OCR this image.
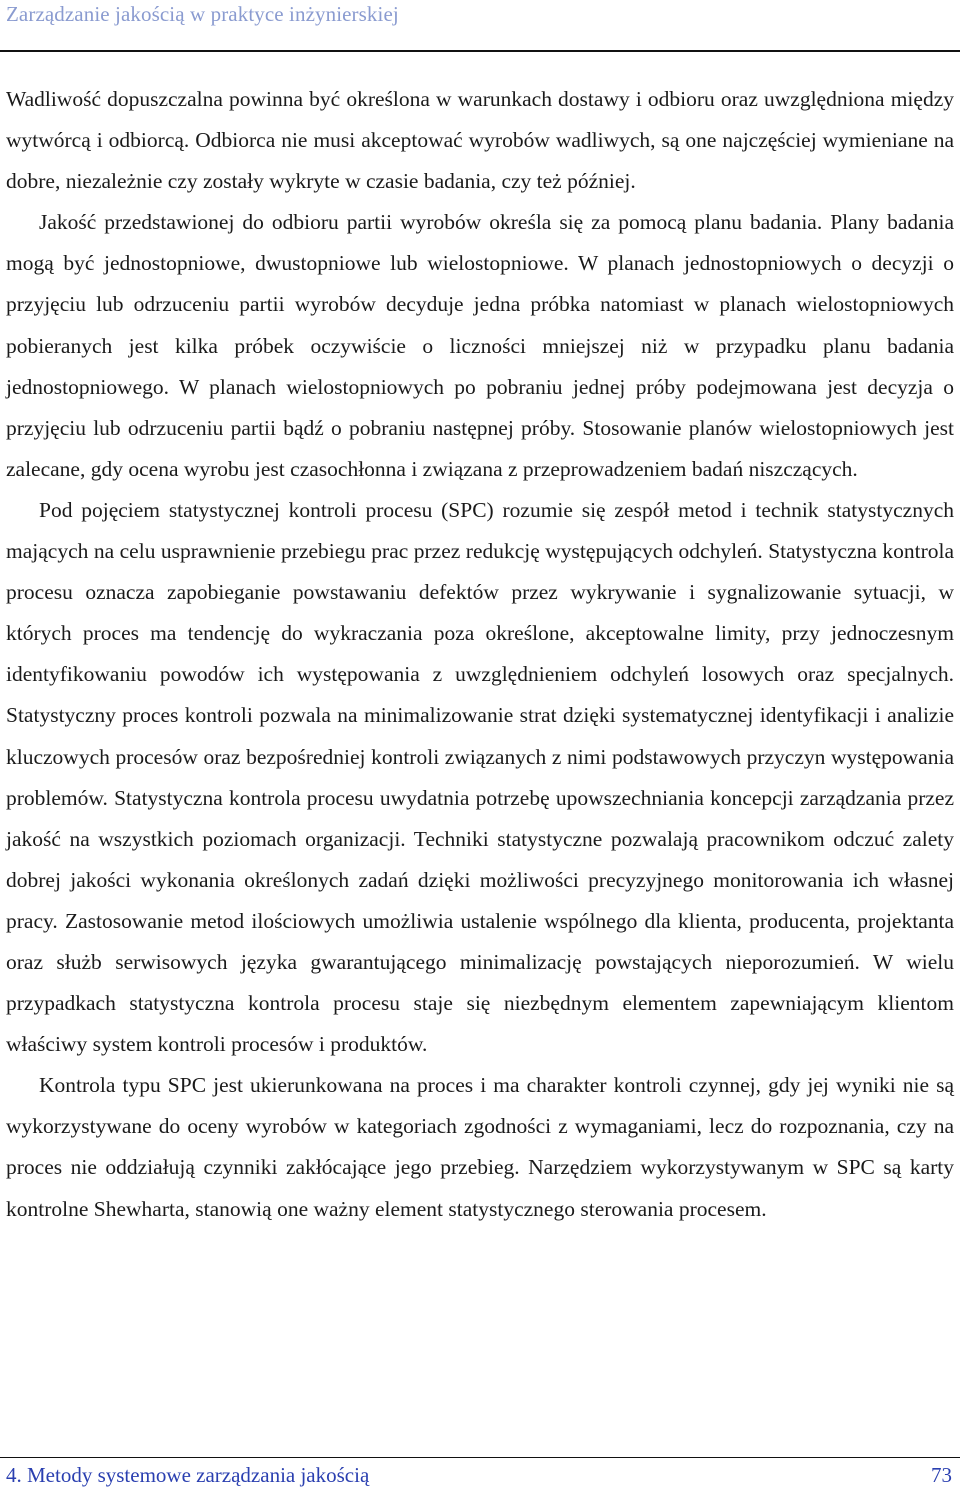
Zarządzanie jakością w praktyce inżynierskiej

Wadliwość dopuszczalna powinna być określona w warunkach dostawy i odbioru oraz uwzględniona między wytwórcą i odbiorcą. Odbiorca nie musi akceptować wyrobów wadliwych, są one najczęściej wymieniane na dobre, niezależnie czy zostały wykryte w czasie badania, czy też później.

Jakość przedstawionej do odbioru partii wyrobów określa się za pomocą planu badania. Plany badania mogą być jednostopniowe, dwustopniowe lub wielostopniowe. W planach jednostopniowych o decyzji o przyjęciu lub odrzuceniu partii wyrobów decyduje jedna próbka natomiast w planach wielostopniowych pobieranych jest kilka próbek oczywiście o liczności mniejszej niż w przypadku planu badania jednostopniowego. W planach wielostopniowych po pobraniu jednej próby podejmowana jest decyzja o przyjęciu lub odrzuceniu partii bądź o pobraniu następnej próby. Stosowanie planów wielostopniowych jest zalecane, gdy ocena wyrobu jest czasochłonna i związana z przeprowadzeniem badań niszczących.

Pod pojęciem statystycznej kontroli procesu (SPC) rozumie się zespół metod i technik statystycznych mających na celu usprawnienie przebiegu prac przez redukcję występujących odchyleń. Statystyczna kontrola procesu oznacza zapobieganie powstawaniu defektów przez wykrywanie i sygnalizowanie sytuacji, w których proces ma tendencję do wykraczania poza określone, akceptowalne limity, przy jednoczesnym identyfikowaniu powodów ich występowania z uwzględnieniem odchyleń losowych oraz specjalnych. Statystyczny proces kontroli pozwala na minimalizowanie strat dzięki systematycznej identyfikacji i analizie kluczowych procesów oraz bezpośredniej kontroli związanych z nimi podstawowych przyczyn występowania problemów. Statystyczna kontrola procesu uwydatnia potrzebę upowszechniania koncepcji zarządzania przez jakość na wszystkich poziomach organizacji. Techniki statystyczne pozwalają pracownikom odczuć zalety dobrej jakości wykonania określonych zadań dzięki możliwości precyzyjnego monitorowania ich własnej pracy. Zastosowanie metod ilościowych umożliwia ustalenie wspólnego dla klienta, producenta, projektanta oraz służb serwisowych języka gwarantującego minimalizację powstających nieporozumień. W wielu przypadkach statystyczna kontrola procesu staje się niezbędnym elementem zapewniającym klientom właściwy system kontroli procesów i produktów.

Kontrola typu SPC jest ukierunkowana na proces i ma charakter kontroli czynnej, gdy jej wyniki nie są wykorzystywane do oceny wyrobów w kategoriach zgodności z wymaganiami, lecz do rozpoznania, czy na proces nie oddziałują czynniki zakłócające jego przebieg. Narzędziem wykorzystywanym w SPC są karty kontrolne Shewharta, stanowią one ważny element statystycznego sterowania procesem.

4. Metody systemowe zarządzania jakością	73
